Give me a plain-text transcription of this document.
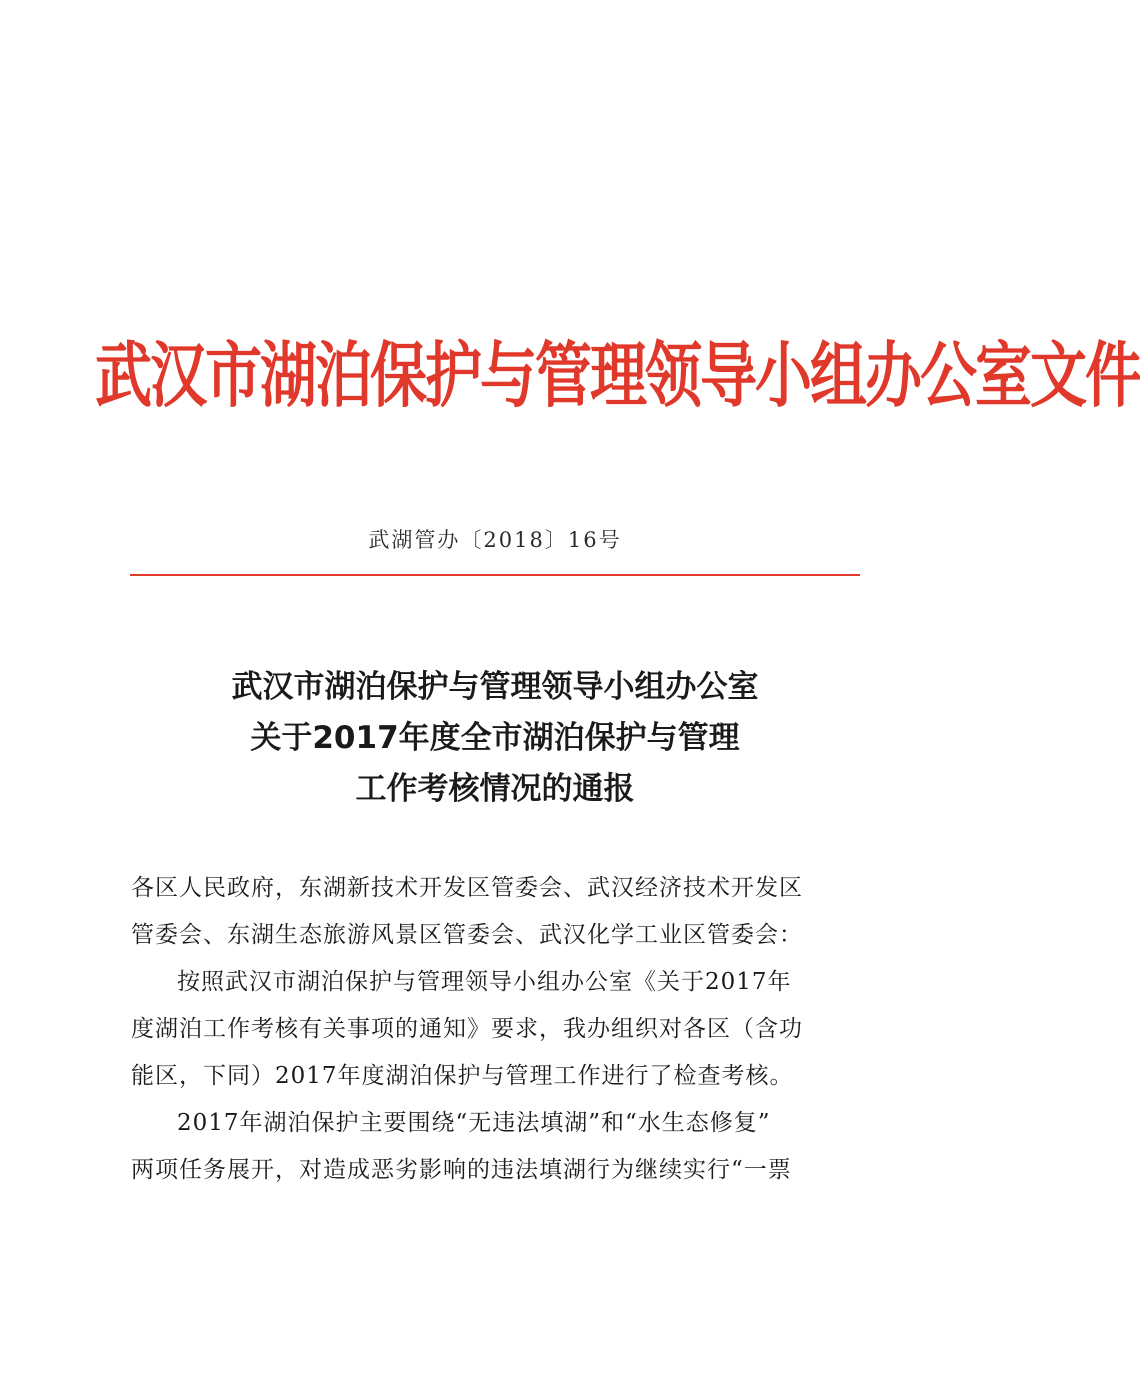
武汉市湖泊保护与管理领导小组办公室文件
武湖管办〔2018〕16号
武汉市湖泊保护与管理领导小组办公室
关于2017年度全市湖泊保护与管理
工作考核情况的通报
各区人民政府，东湖新技术开发区管委会、武汉经济技术开发区
管委会、东湖生态旅游风景区管委会、武汉化学工业区管委会：
按照武汉市湖泊保护与管理领导小组办公室《关于2017年
度湖泊工作考核有关事项的通知》要求，我办组织对各区（含功
能区，下同）2017年度湖泊保护与管理工作进行了检查考核。
2017年湖泊保护主要围绕“无违法填湖”和“水生态修复”
两项任务展开，对造成恶劣影响的违法填湖行为继续实行“一票
